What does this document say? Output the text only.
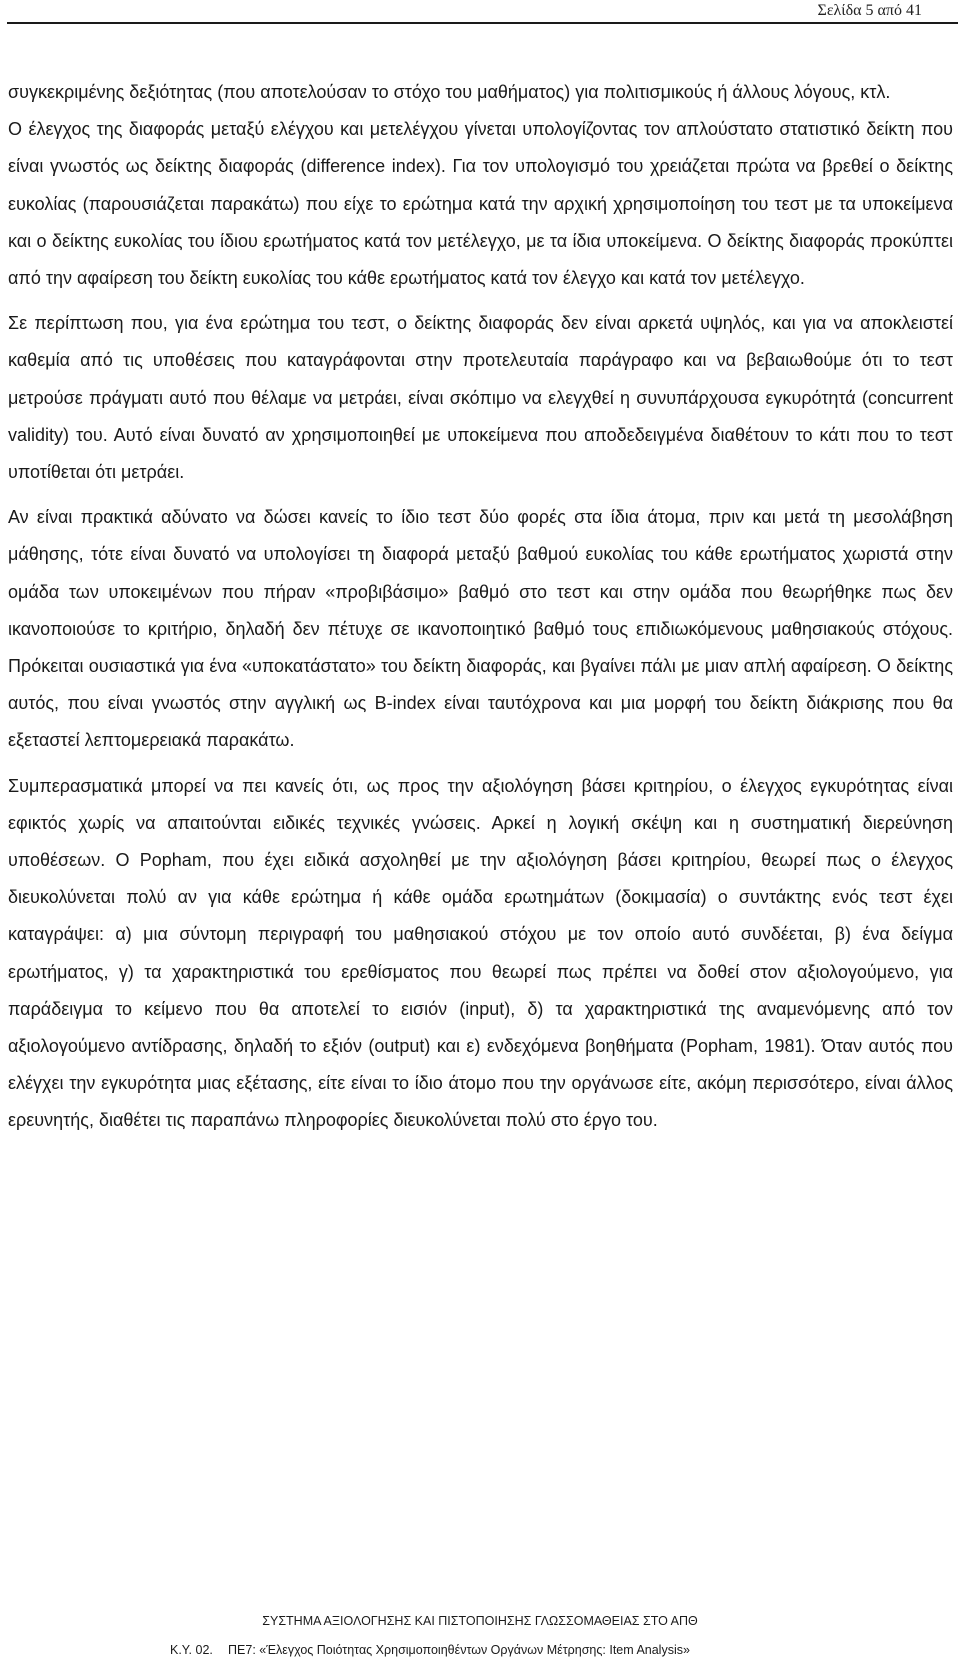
Σελίδα 5 από 41

συγκεκριμένης δεξιότητας (που αποτελούσαν το στόχο του μαθήματος) για πολιτισμικούς ή άλλους λόγους, κτλ.

Ο έλεγχος της διαφοράς μεταξύ ελέγχου και μετελέγχου γίνεται υπολογίζοντας τον απλούστατο στατιστικό δείκτη που είναι γνωστός ως δείκτης διαφοράς (difference index). Για τον υπολογισμό του χρειάζεται πρώτα να βρεθεί ο δείκτης ευκολίας (παρουσιάζεται παρακάτω) που είχε το ερώτημα κατά την αρχική χρησιμοποίηση του τεστ με τα υποκείμενα και ο δείκτης ευκολίας του ίδιου ερωτήματος κατά τον μετέλεγχο, με τα ίδια υποκείμενα. Ο δείκτης διαφοράς προκύπτει από την αφαίρεση του δείκτη ευκολίας του κάθε ερωτήματος κατά τον έλεγχο και κατά τον μετέλεγχο.

Σε περίπτωση που, για ένα ερώτημα του τεστ, ο δείκτης διαφοράς δεν είναι αρκετά υψηλός, και για να αποκλειστεί καθεμία από τις υποθέσεις που καταγράφονται στην προτελευταία παράγραφο και να βεβαιωθούμε ότι το τεστ μετρούσε πράγματι αυτό που θέλαμε να μετράει, είναι σκόπιμο να ελεγχθεί η συνυπάρχουσα εγκυρότητά (concurrent validity) του. Αυτό είναι δυνατό αν χρησιμοποιηθεί με υποκείμενα που αποδεδειγμένα διαθέτουν το κάτι που το τεστ υποτίθεται ότι μετράει.

Αν είναι πρακτικά αδύνατο να δώσει κανείς το ίδιο τεστ δύο φορές στα ίδια άτομα, πριν και μετά τη μεσολάβηση μάθησης, τότε είναι δυνατό να υπολογίσει τη διαφορά μεταξύ βαθμού ευκολίας του κάθε ερωτήματος χωριστά στην ομάδα των υποκειμένων που πήραν «προβιβάσιμο» βαθμό στο τεστ και στην ομάδα που θεωρήθηκε πως δεν ικανοποιούσε το κριτήριο, δηλαδή δεν πέτυχε σε ικανοποιητικό βαθμό τους επιδιωκόμενους μαθησιακούς στόχους. Πρόκειται ουσιαστικά για ένα «υποκατάστατο» του δείκτη διαφοράς, και βγαίνει πάλι με μιαν απλή αφαίρεση. Ο δείκτης αυτός, που είναι γνωστός στην αγγλική ως B-index είναι ταυτόχρονα και μια μορφή του δείκτη διάκρισης που θα εξεταστεί λεπτομερειακά παρακάτω.

Συμπερασματικά μπορεί να πει κανείς ότι, ως προς την αξιολόγηση βάσει κριτηρίου, ο έλεγχος εγκυρότητας είναι εφικτός χωρίς να απαιτούνται ειδικές τεχνικές γνώσεις. Αρκεί η λογική σκέψη και η συστηματική διερεύνηση υποθέσεων. Ο Popham, που έχει ειδικά ασχοληθεί με την αξιολόγηση βάσει κριτηρίου, θεωρεί πως ο έλεγχος διευκολύνεται πολύ αν για κάθε ερώτημα ή κάθε ομάδα ερωτημάτων (δοκιμασία) ο συντάκτης ενός τεστ έχει καταγράψει: α) μια σύντομη περιγραφή του μαθησιακού στόχου με τον οποίο αυτό συνδέεται, β) ένα δείγμα ερωτήματος, γ) τα χαρακτηριστικά του ερεθίσματος που θεωρεί πως πρέπει να δοθεί στον αξιολογούμενο, για παράδειγμα το κείμενο που θα αποτελεί το εισιόν (input), δ) τα χαρακτηριστικά της αναμενόμενης από τον αξιολογούμενο αντίδρασης, δηλαδή το εξιόν (output) και ε) ενδεχόμενα βοηθήματα (Popham, 1981). Όταν αυτός που ελέγχει την εγκυρότητα μιας εξέτασης, είτε είναι το ίδιο άτομο που την οργάνωσε είτε, ακόμη περισσότερο, είναι άλλος ερευνητής, διαθέτει τις παραπάνω πληροφορίες διευκολύνεται πολύ στο έργο του.

ΣΥΣΤΗΜΑ ΑΞΙΟΛΟΓΗΣΗΣ ΚΑΙ ΠΙΣΤΟΠΟΙΗΣΗΣ ΓΛΩΣΣΟΜΑΘΕΙΑΣ ΣΤΟ ΑΠΘ
Κ.Υ. 02. ΠΕ7: «Έλεγχος Ποιότητας Χρησιμοποιηθέντων Οργάνων Μέτρησης: Item Analysis»
